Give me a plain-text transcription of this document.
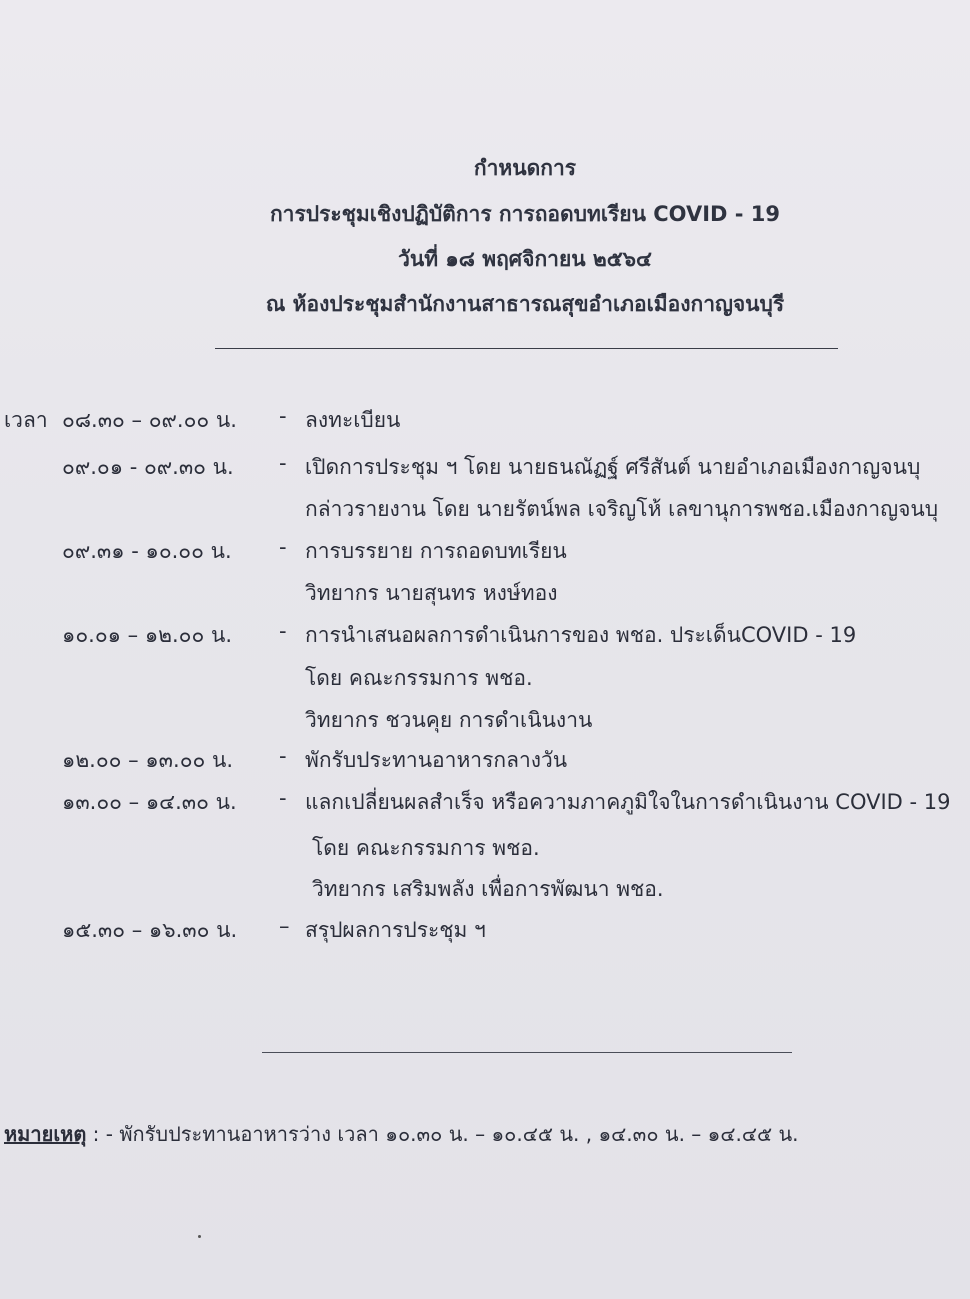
กำหนดการ
การประชุมเชิงปฏิบัติการ การถอดบทเรียน COVID - 19
วันที่ ๑๘ พฤศจิกายน ๒๕๖๔
ณ ห้องประชุมสำนักงานสาธารณสุขอำเภอเมืองกาญจนบุรี
เวลา ๐๘.๓๐ – ๐๙.๐๐ น. - ลงทะเบียน
๐๙.๐๑ - ๐๙.๓๐ น. - เปิดการประชุม ฯ โดย นายธนณัฏฐ์ ศรีสันต์ นายอำเภอเมืองกาญจนบุ
กล่าวรายงาน โดย นายรัตน์พล เจริญโห้ เลขานุการพชอ.เมืองกาญจนบุ
๐๙.๓๑ - ๑๐.๐๐ น. - การบรรยาย การถอดบทเรียน
วิทยากร นายสุนทร หงษ์ทอง
๑๐.๐๑ – ๑๒.๐๐ น. - การนำเสนอผลการดำเนินการของ พชอ. ประเด็นCOVID - 19
โดย คณะกรรมการ พชอ.
วิทยากร ชวนคุย การดำเนินงาน
๑๒.๐๐ – ๑๓.๐๐ น. - พักรับประทานอาหารกลางวัน
๑๓.๐๐ – ๑๔.๓๐ น. - แลกเปลี่ยนผลสำเร็จ หรือความภาคภูมิใจในการดำเนินงาน COVID - 19
โดย คณะกรรมการ พชอ.
วิทยากร เสริมพลัง เพื่อการพัฒนา พชอ.
๑๕.๓๐ – ๑๖.๓๐ น. – สรุปผลการประชุม ฯ
หมายเหตุ : - พักรับประทานอาหารว่าง เวลา ๑๐.๓๐ น. – ๑๐.๔๕ น. , ๑๔.๓๐ น. – ๑๔.๔๕ น.
